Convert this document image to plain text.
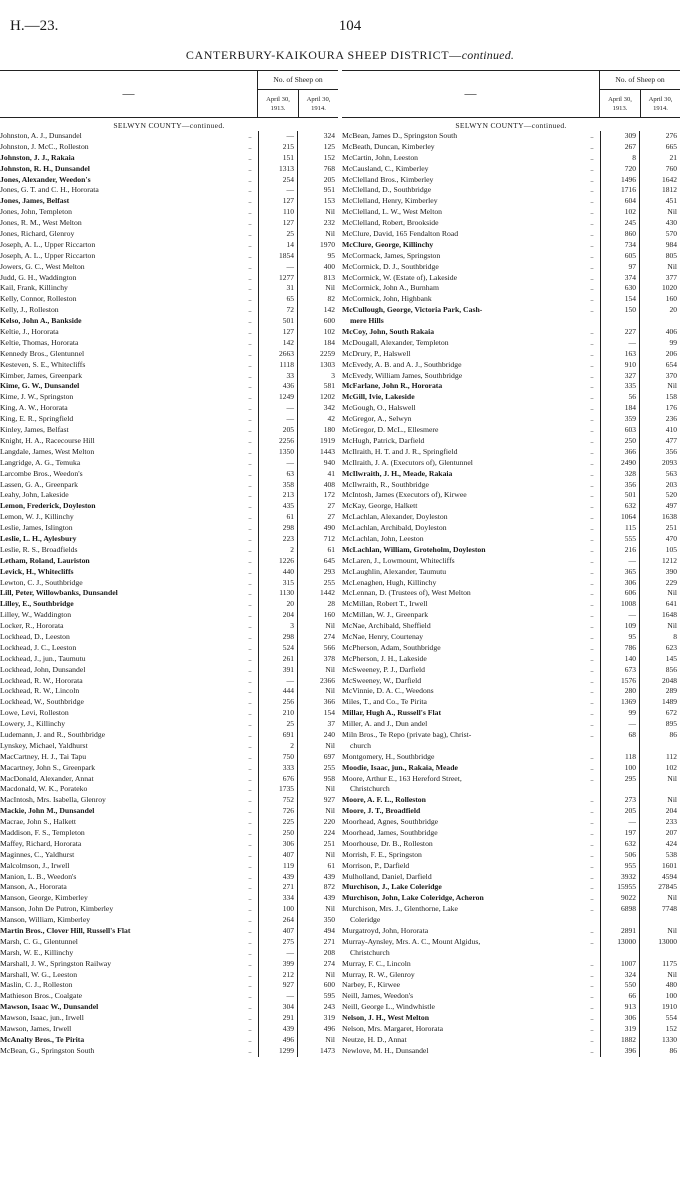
H.—23.	104
CANTERBURY-KAIKOURA SHEEP DISTRICT—continued.
—
No. of Sheep on
April 30, 1913.
April 30, 1914.
SELWYN COUNTY—continued.
Johnston, A. J., Dunsandel	..	—	324
Johnston, J. McC., Rolleston	..	215	125
Johnston, J. J., Rakaia	..	151	152
Johnston, R. H., Dunsandel	..	1313	768
Jones, Alexander, Weedon's	..	254	205
Jones, G. T. and C. H., Hororata	..	—	951
Jones, James, Belfast	..	127	153
Jones, John, Templeton	..	110	Nil
Jones, R. M., West Melton	..	127	232
Jones, Richard, Glenroy	..	25	Nil
Joseph, A. L., Upper Riccarton	..	14	1970
Joseph, A. L., Upper Riccarton	..	1854	95
Jowers, G. C., West Melton	..	—	400
Judd, G. H., Waddington	..	1277	813
Kail, Frank, Killinchy	..	31	Nil
Kelly, Connor, Rolleston	..	65	82
Kelly, J., Rolleston	..	72	142
Kelso, John A., Bankside	..	501	600
Keltie, J., Hororata	..	127	102
Keltie, Thomas, Hororata	..	142	184
Kennedy Bros., Glentunnel	..	2663	2259
Kesteven, S. E., Whitecliffs	..	1118	1303
Kimber, James, Greenpark	..	33	3
Kime, G. W., Dunsandel	..	436	581
Kime, J. W., Springston	..	1249	1202
King, A. W., Hororata	..	—	342
King, E. R., Springfield	..	—	42
Kinley, James, Belfast	..	205	180
Knight, H. A., Racecourse Hill	..	2256	1919
Langdale, James, West Melton	..	1350	1443
Langridge, A. G., Temuka	..	—	940
Larcombe Bros., Weedon's	..	63	41
Lassen, G. A., Greenpark	..	358	408
Leahy, John, Lakeside	..	213	172
Lemon, Frederick, Doyleston	..	435	27
Lemon, W. J., Killinchy	..	61	27
Leslie, James, Islington	..	298	490
Leslie, L. H., Aylesbury	..	223	712
Leslie, R. S., Broadfields	..	2	61
Letham, Roland, Lauriston	..	1226	645
Levick, H., Whitecliffs	..	440	293
Lewton, C. J., Southbridge	..	315	255
Lill, Peter, Willowbanks, Dunsandel	..	1130	1442
Lilley, E., Southbridge	..	20	28
Lilley, W., Waddington	..	204	160
Locker, R., Hororata	..	3	Nil
Lockhead, D., Leeston	..	298	274
Lockhead, J. C., Leeston	..	524	566
Lockhead, J., jun., Taumutu	..	261	378
Lockhead, John, Dunsandel	..	391	Nil
Lockhead, R. W., Hororata	..	—	2366
Lockhead, R. W., Lincoln	..	444	Nil
Lockhead, W., Southbridge	..	256	366
Lowe, Levi, Rolleston	..	210	154
Lowery, J., Killinchy	..	25	37
Ludemann, J. and R., Southbridge	..	691	240
Lynskey, Michael, Yaldhurst	..	2	Nil
MacCartney, H. J., Tai Tapu	..	750	697
Macartney, John S., Greenpark	..	333	255
MacDonald, Alexander, Annat	..	676	958
Macdonald, W. K., Porateko	..	1735	Nil
MacIntosh, Mrs. Isabella, Glenroy	..	752	927
Mackie, John M., Dunsandel	..	726	Nil
Macrae, John S., Halkett	..	225	220
Maddison, F. S., Templeton	..	250	224
Maffey, Richard, Hororata	..	306	251
Maginnes, C., Yaldhurst	..	407	Nil
Malcolmson, J., Irwell	..	119	61
Manion, L. B., Weedon's	..	439	439
Manson, A., Hororata	..	271	872
Manson, George, Kimberley	..	334	439
Manson, John De Putron, Kimberley	..	100	Nil
Manson, William, Kimberley	..	264	350
Martin Bros., Clover Hill, Russell's Flat	..	407	494
Marsh, C. G., Glentunnel	..	275	271
Marsh, W. E., Killinchy	..	—	208
Marshall, J. W., Springston Railway	..	399	274
Marshall, W. G., Leeston	..	212	Nil
Maslin, C. J., Rolleston	..	927	600
Mathieson Bros., Coalgate	..	—	595
Mawson, Isaac W., Dunsandel	..	304	243
Mawson, Isaac, jun., Irwell	..	291	319
Mawson, James, Irwell	..	439	496
McAnalty Bros., Te Pirita	..	496	Nil
McBean, G., Springston South	..	1299	1473
—
No. of Sheep on
April 30, 1913.
April 30, 1914.
SELWYN COUNTY—continued.
McBean, James D., Springston South	..	309	276
McBeath, Duncan, Kimberley	..	267	665
McCartin, John, Leeston	..	8	21
McCausland, C., Kimberley	..	720	760
McClelland Bros., Kimberley	..	1496	1642
McClelland, D., Southbridge	..	1716	1812
McClelland, Henry, Kimberley	..	604	451
McClelland, L. W., West Melton	..	102	Nil
McClelland, Robert, Brookside	..	245	430
McClure, David, 165 Fendalton Road	..	860	570
McClure, George, Killinchy	..	734	984
McCormack, James, Springston	..	605	805
McCormick, D. J., Southbridge	..	97	Nil
McCormick, W. (Estate of), Lakeside	..	374	377
McCormick, John A., Burnham	..	630	1020
McCormick, John, Highbank	..	154	160
McCullough, George, Victoria Park, Cash-	..	150	20
mere Hills
McCoy, John, South Rakaia	..	227	406
McDougall, Alexander, Templeton	..	—	99
McDrury, P., Halswell	..	163	206
McEvedy, A. B. and A. J., Southbridge	..	910	654
McEvedy, William James, Southbridge	..	327	370
McFarlane, John R., Hororata	..	335	Nil
McGill, Ivie, Lakeside	..	56	158
McGough, O., Halswell	..	184	176
McGregor, A., Selwyn	..	359	236
McGregor, D. McL., Ellesmere	..	603	410
McHugh, Patrick, Darfield	..	250	477
McIlraith, H. T. and J. R., Springfield	..	366	356
McIlraith, J. A. (Executors of), Glentunnel	..	2490	2093
McIlwraith, J. H., Meade, Rakaia	..	328	563
McIlwraith, R., Southbridge	..	356	203
McIntosh, James (Executors of), Kirwee	..	501	520
McKay, George, Halkett	..	632	497
McLachlan, Alexander, Doyleston	..	1064	1638
McLachlan, Archibald, Doyleston	..	115	251
McLachlan, John, Leeston	..	555	470
McLachlan, William, Groteholm, Doyleston	..	216	105
McLaren, J., Lowmount, Whitecliffs	..	—	1212
McLaughlin, Alexander, Taumutu	..	365	390
McLenaghen, Hugh, Killinchy	..	306	229
McLennan, D. (Trustees of), West Melton	..	606	Nil
McMillan, Robert T., Irwell	..	1008	641
McMillan, W. J., Greenpark	..	—	1648
McNae, Archibald, Sheffield	..	109	Nil
McNae, Henry, Courtenay	..	95	8
McPherson, Adam, Southbridge	..	786	623
McPherson, J. H., Lakeside	..	140	145
McSweeney, P. J., Darfield	..	673	856
McSweeney, W., Darfield	..	1576	2048
McVinnie, D. A. C., Weedons	..	280	289
Miles, T., and Co., Te Pirita	..	1369	1489
Millar, Hugh A., Russell's Flat	..	99	672
Miller, A. and J., Dun andel	..	—	895
Miln Bros., Te Repo (private bag), Christ-	..	68	86
church
Montgomery, H., Southbridge	..	118	112
Moodie, Isaac, jun., Rakaia, Meade	..	100	102
Moore, Arthur E., 163 Hereford Street,	..	295	Nil
Christchurch
Moore, A. F. L., Rolleston	..	273	Nil
Moore, J. T., Broadfield	..	205	204
Moorhead, Agnes, Southbridge	..	—	233
Moorhead, James, Southbridge	..	197	207
Moorhouse, Dr. B., Rolleston	..	632	424
Morrish, F. E., Springston	..	506	538
Morrison, P., Darfield	..	955	1601
Mulholland, Daniel, Darfield	..	3932	4594
Murchison, J., Lake Coleridge	..	15955	27845
Murchison, John, Lake Coleridge, Acheron	..	9022	Nil
Murchison, Mrs. J., Glenthorne, Lake	..	6898	7748
Coleridge
Murgatroyd, John, Hororata	..	2891	Nil
Murray-Aynsley, Mrs. A. C., Mount Algidus,	..	13000	13000
Christchurch
Murray, F. C., Lincoln	..	1007	1175
Murray, R. W., Glenroy	..	324	Nil
Narbey, F., Kirwee	..	550	480
Neill, James, Weedon's	..	66	100
Neill, George L., Windwhistle	..	913	1910
Nelson, J. H., West Melton	..	306	554
Nelson, Mrs. Margaret, Hororata	..	319	152
Neutze, H. D., Annat	..	1882	1330
Newlove, M. H., Dunsandel	..	396	86
